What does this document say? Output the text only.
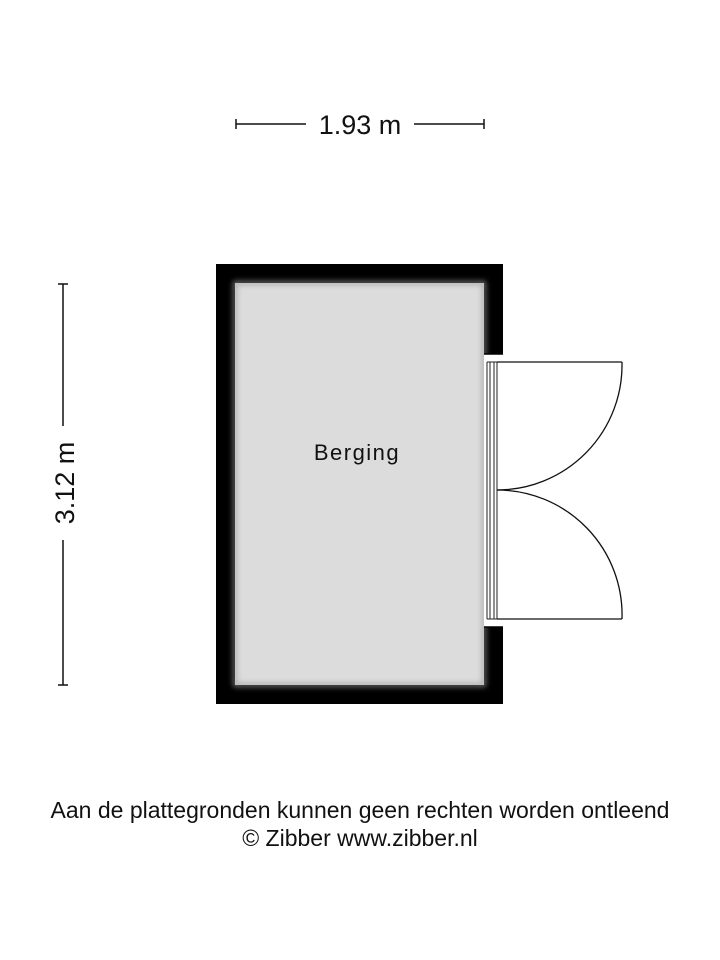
1.93 m
3.12 m	Berging
Aan de plattegronden kunnen geen rechten worden ontleend
© Zibber www.zibber.nl
